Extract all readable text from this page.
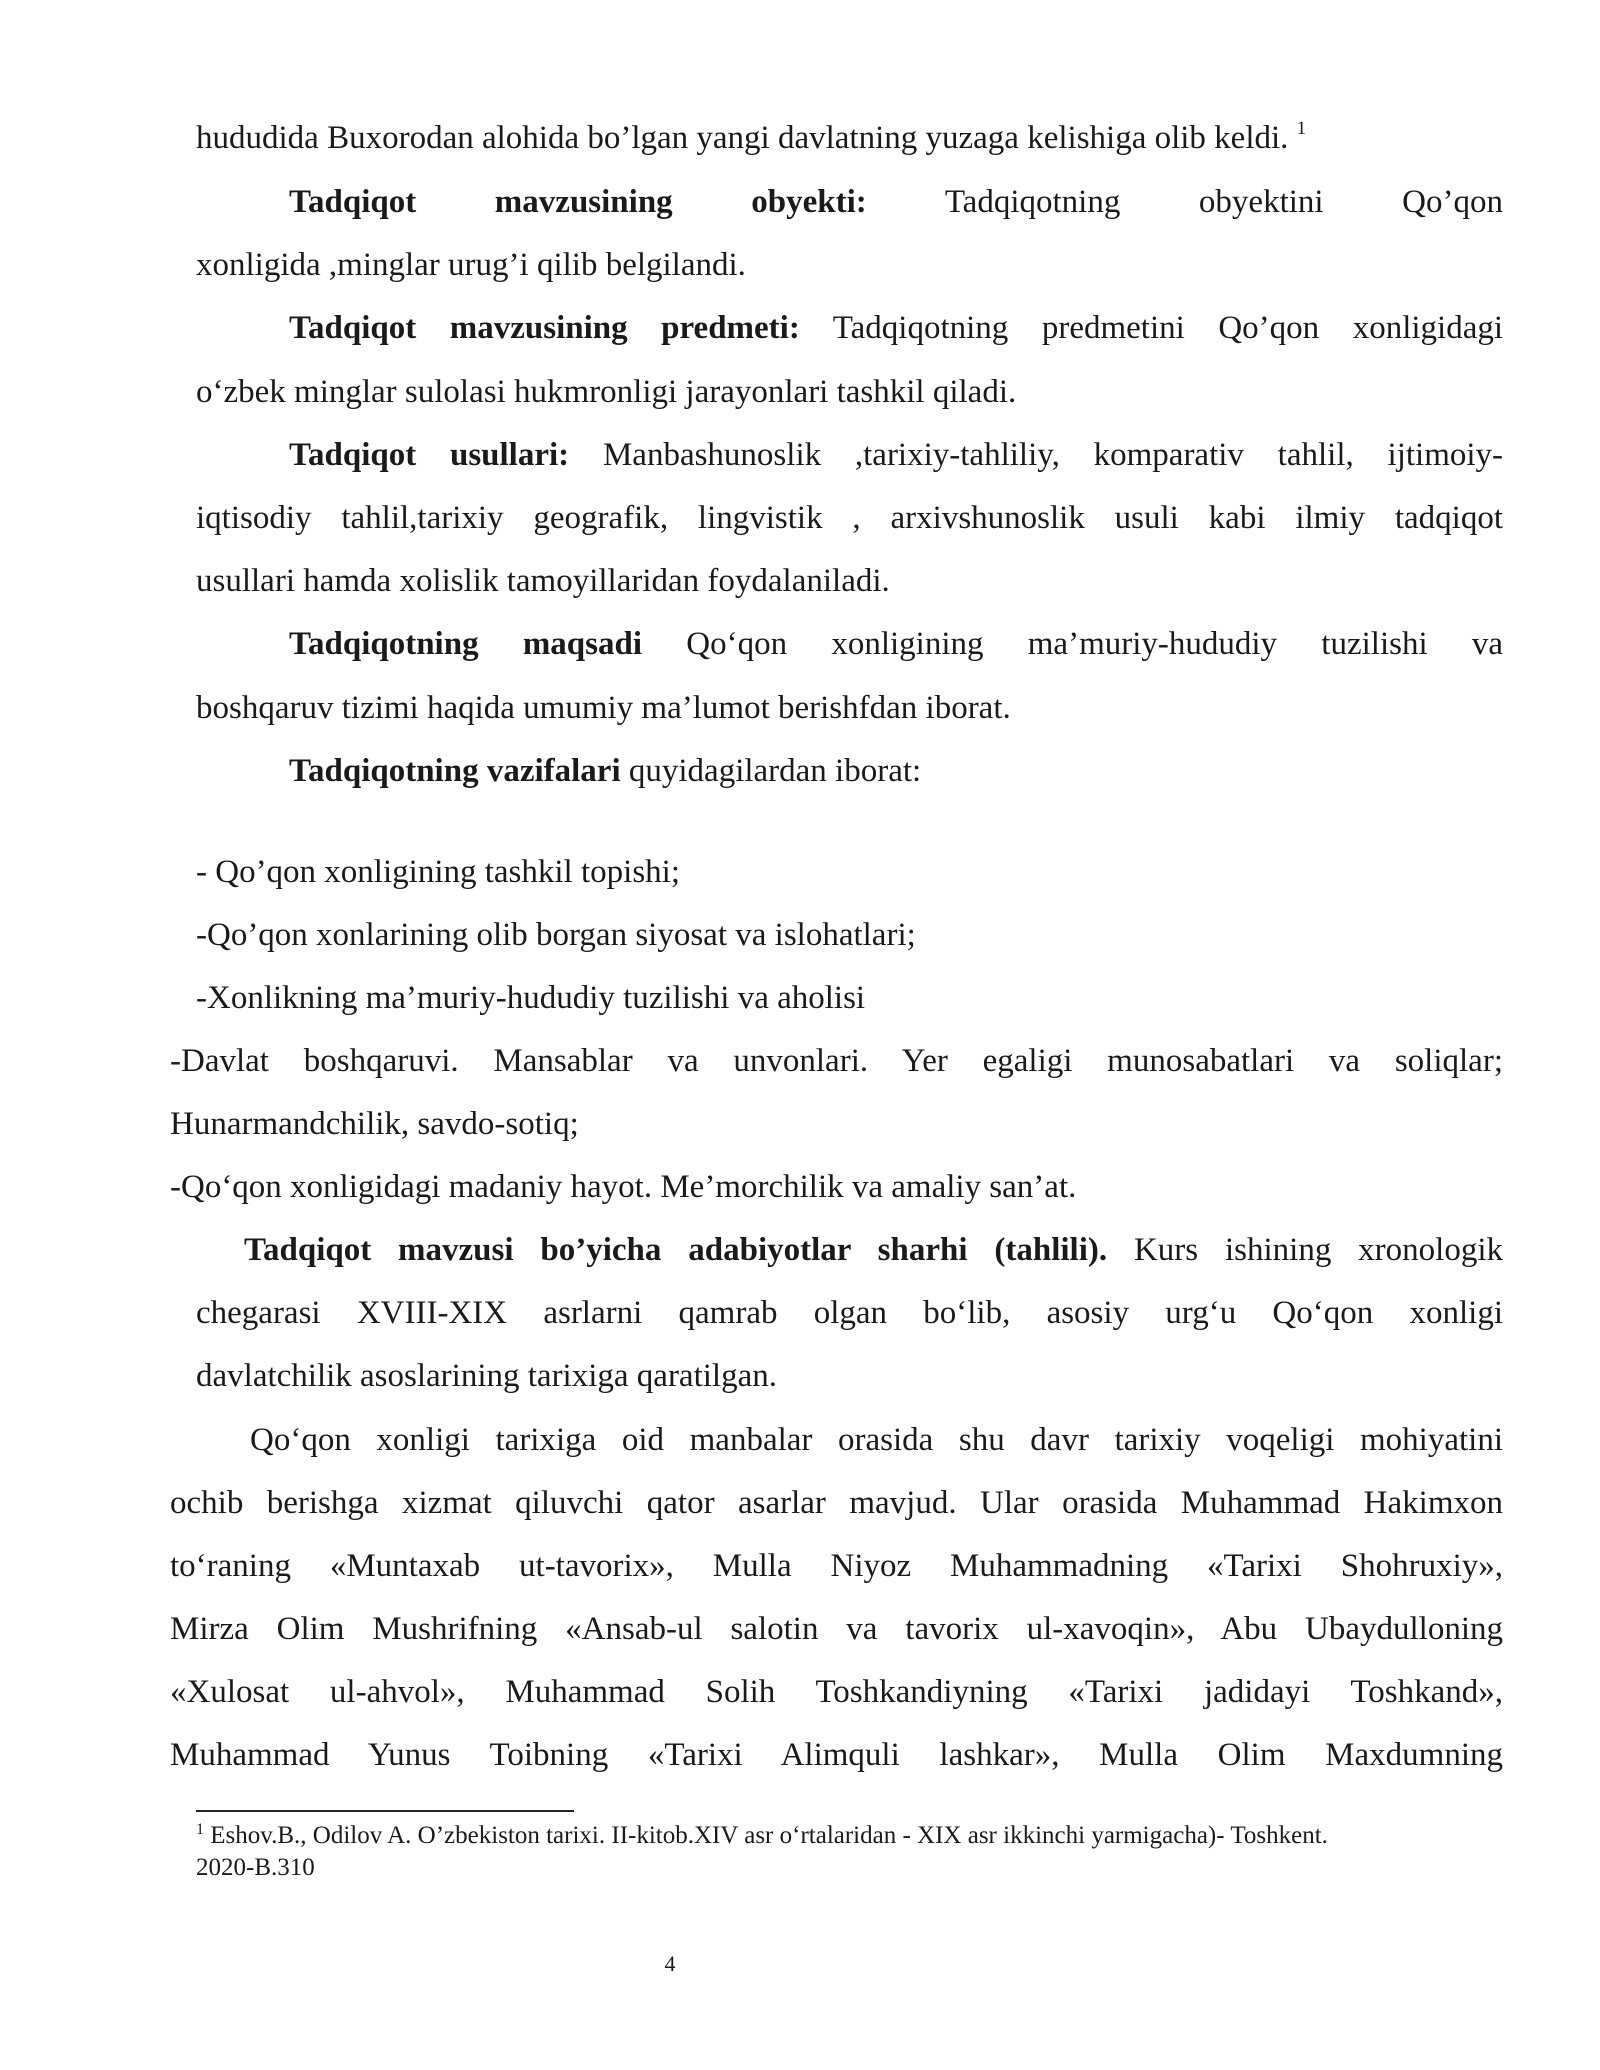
hududida Buxorodan alohida bo’lgan yangi davlatning yuzaga kelishiga olib keldi. $^1$
Tadqiqot mavzusining obyekti: Tadqiqotning obyektini Qo’qon
xonligida ,minglar urug’i qilib belgilandi.
Tadqiqot mavzusining predmeti: Tadqiqotning predmetini Qo’qon xonligidagi
o‘zbek minglar sulolasi hukmronligi jarayonlari tashkil qiladi.
Tadqiqot usullari: Manbashunoslik ,tarixiy-tahliliy, komparativ tahlil, ijtimoiy-
iqtisodiy tahlil,tarixiy geografik, lingvistik , arxivshunoslik usuli kabi ilmiy tadqiqot
usullari hamda xolislik tamoyillaridan foydalaniladi.
Tadqiqotning maqsadi Qo‘qon xonligining ma’muriy-hududiy tuzilishi va
boshqaruv tizimi haqida umumiy ma’lumot berishfdan iborat.
Tadqiqotning vazifalari quyidagilardan iborat:
- Qo’qon xonligining tashkil topishi;
-Qo’qon xonlarining olib borgan siyosat va islohatlari;
-Xonlikning ma’muriy-hududiy tuzilishi va aholisi
-Davlat boshqaruvi. Mansablar va unvonlari. Yer egaligi munosabatlari va soliqlar;
Hunarmandchilik, savdo-sotiq;
-Qo‘qon xonligidagi madaniy hayot. Me’morchilik va amaliy san’at.
Tadqiqot mavzusi bo’yicha adabiyotlar sharhi (tahlili). Kurs ishining xronologik
chegarasi XVIII-XIX asrlarni qamrab olgan bo‘lib, asosiy urg‘u Qo‘qon xonligi
davlatchilik asoslarining tarixiga qaratilgan.
Qo‘qon xonligi tarixiga oid manbalar orasida shu davr tarixiy voqeligi mohiyatini
ochib berishga xizmat qiluvchi qator asarlar mavjud. Ular orasida Muhammad Hakimxon
to‘raning «Muntaxab ut-tavorix», Mulla Niyoz Muhammadning «Tarixi Shohruxiy»,
Mirza Olim Mushrifning «Ansab-ul salotin va tavorix ul-xavoqin», Abu Ubaydulloning
«Xulosat ul-ahvol», Muhammad Solih Toshkandiyning «Tarixi jadidayi Toshkand»,
Muhammad Yunus Toibning «Tarixi Alimquli lashkar», Mulla Olim Maxdumning
$^1$ Eshov.B., Odilov A. O’zbekiston tarixi. II-kitob.XIV asr o‘rtalaridan - XIX asr ikkinchi yarmigacha)- Toshkent.
2020-B.310
4
